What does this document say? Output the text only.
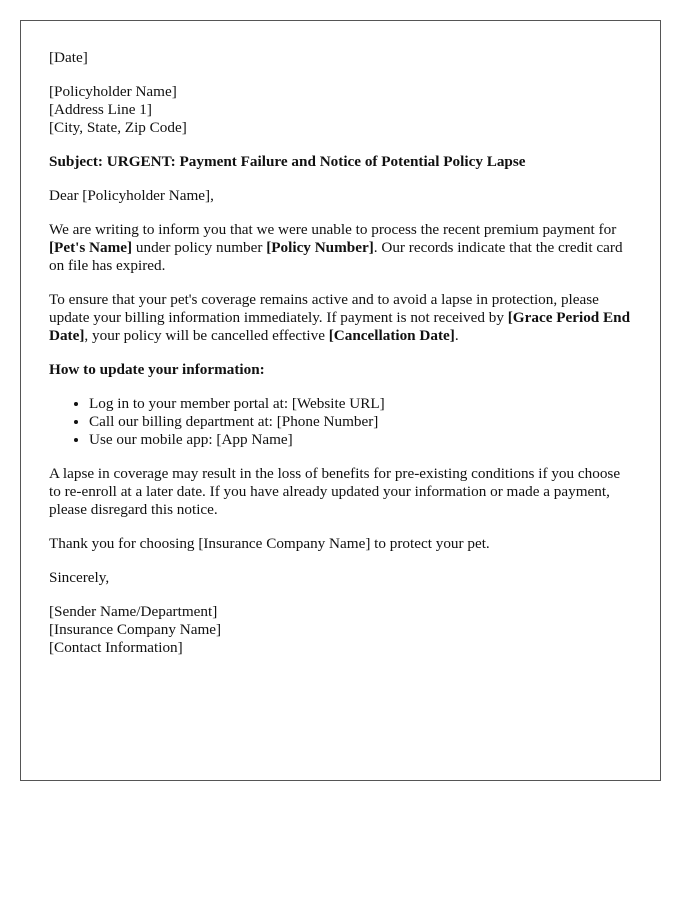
[Date]

[Policyholder Name]
[Address Line 1]
[City, State, Zip Code]

Subject: URGENT: Payment Failure and Notice of Potential Policy Lapse

Dear [Policyholder Name],

We are writing to inform you that we were unable to process the recent premium payment for [Pet's Name] under policy number [Policy Number]. Our records indicate that the credit card on file has expired.

To ensure that your pet's coverage remains active and to avoid a lapse in protection, please update your billing information immediately. If payment is not received by [Grace Period End Date], your policy will be cancelled effective [Cancellation Date].

How to update your information:

• Log in to your member portal at: [Website URL]
• Call our billing department at: [Phone Number]
• Use our mobile app: [App Name]

A lapse in coverage may result in the loss of benefits for pre-existing conditions if you choose to re-enroll at a later date. If you have already updated your information or made a payment, please disregard this notice.

Thank you for choosing [Insurance Company Name] to protect your pet.

Sincerely,

[Sender Name/Department]
[Insurance Company Name]
[Contact Information]
